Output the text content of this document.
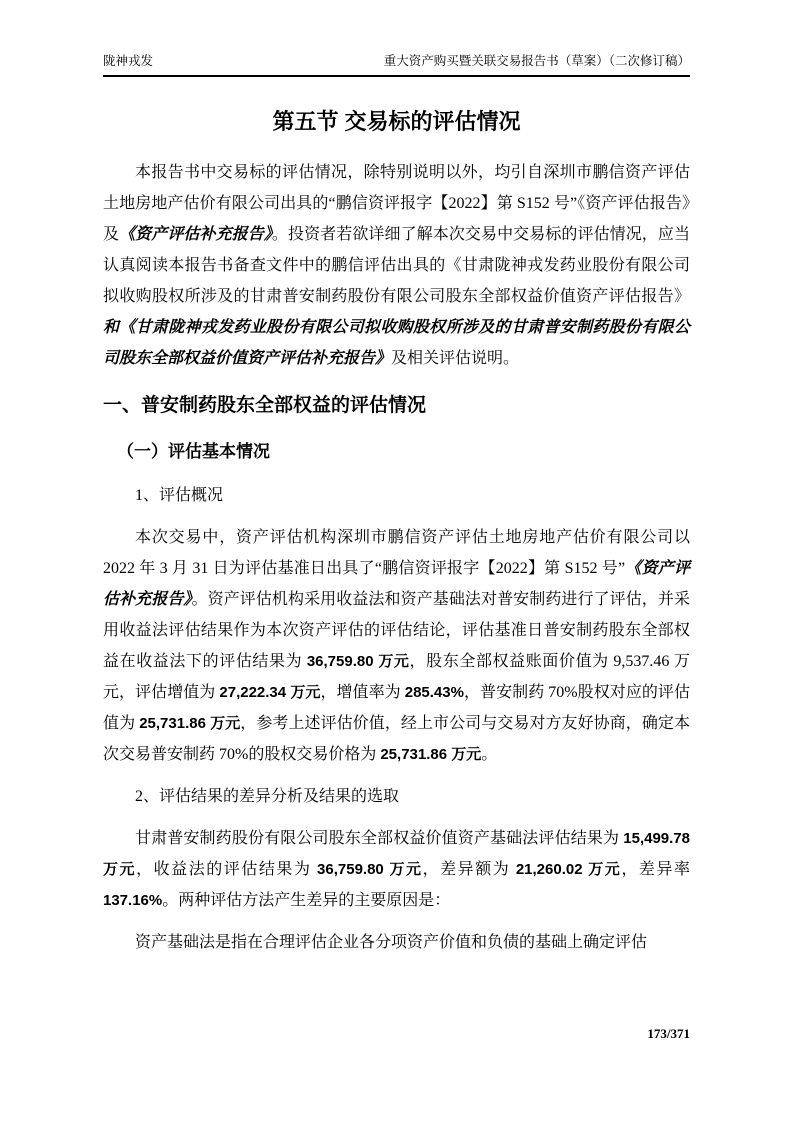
陇神戎发	重大资产购买暨关联交易报告书（草案）（二次修订稿）
第五节 交易标的评估情况

本报告书中交易标的评估情况，除特别说明以外，均引自深圳市鹏信资产评估土地房地产估价有限公司出具的“鹏信资评报字【2022】第 S152 号”《资产评估报告》及《资产评估补充报告》。投资者若欲详细了解本次交易中交易标的评估情况，应当认真阅读本报告书备查文件中的鹏信评估出具的《甘肃陇神戎发药业股份有限公司拟收购股权所涉及的甘肃普安制药股份有限公司股东全部权益价值资产评估报告》和《甘肃陇神戎发药业股份有限公司拟收购股权所涉及的甘肃普安制药股份有限公司股东全部权益价值资产评估补充报告》及相关评估说明。

一、普安制药股东全部权益的评估情况
（一）评估基本情况

1、评估概况

本次交易中，资产评估机构深圳市鹏信资产评估土地房地产估价有限公司以 2022 年 3 月 31 日为评估基准日出具了“鹏信资评报字【2022】第 S152 号”《资产评估补充报告》。资产评估机构采用收益法和资产基础法对普安制药进行了评估，并采用收益法评估结果作为本次资产评估的评估结论，评估基准日普安制药股东全部权益在收益法下的评估结果为 36,759.80 万元，股东全部权益账面价值为 9,537.46 万元，评估增值为 27,222.34 万元，增值率为 285.43%，普安制药 70%股权对应的评估值为 25,731.86 万元，参考上述评估价值，经上市公司与交易对方友好协商，确定本次交易普安制药 70%的股权交易价格为 25,731.86 万元。

2、评估结果的差异分析及结果的选取

甘肃普安制药股份有限公司股东全部权益价值资产基础法评估结果为 15,499.78 万元，收益法的评估结果为 36,759.80 万元，差异额为 21,260.02 万元，差异率 137.16%。两种评估方法产生差异的主要原因是：

资产基础法是指在合理评估企业各分项资产价值和负债的基础上确定评估

173/371
